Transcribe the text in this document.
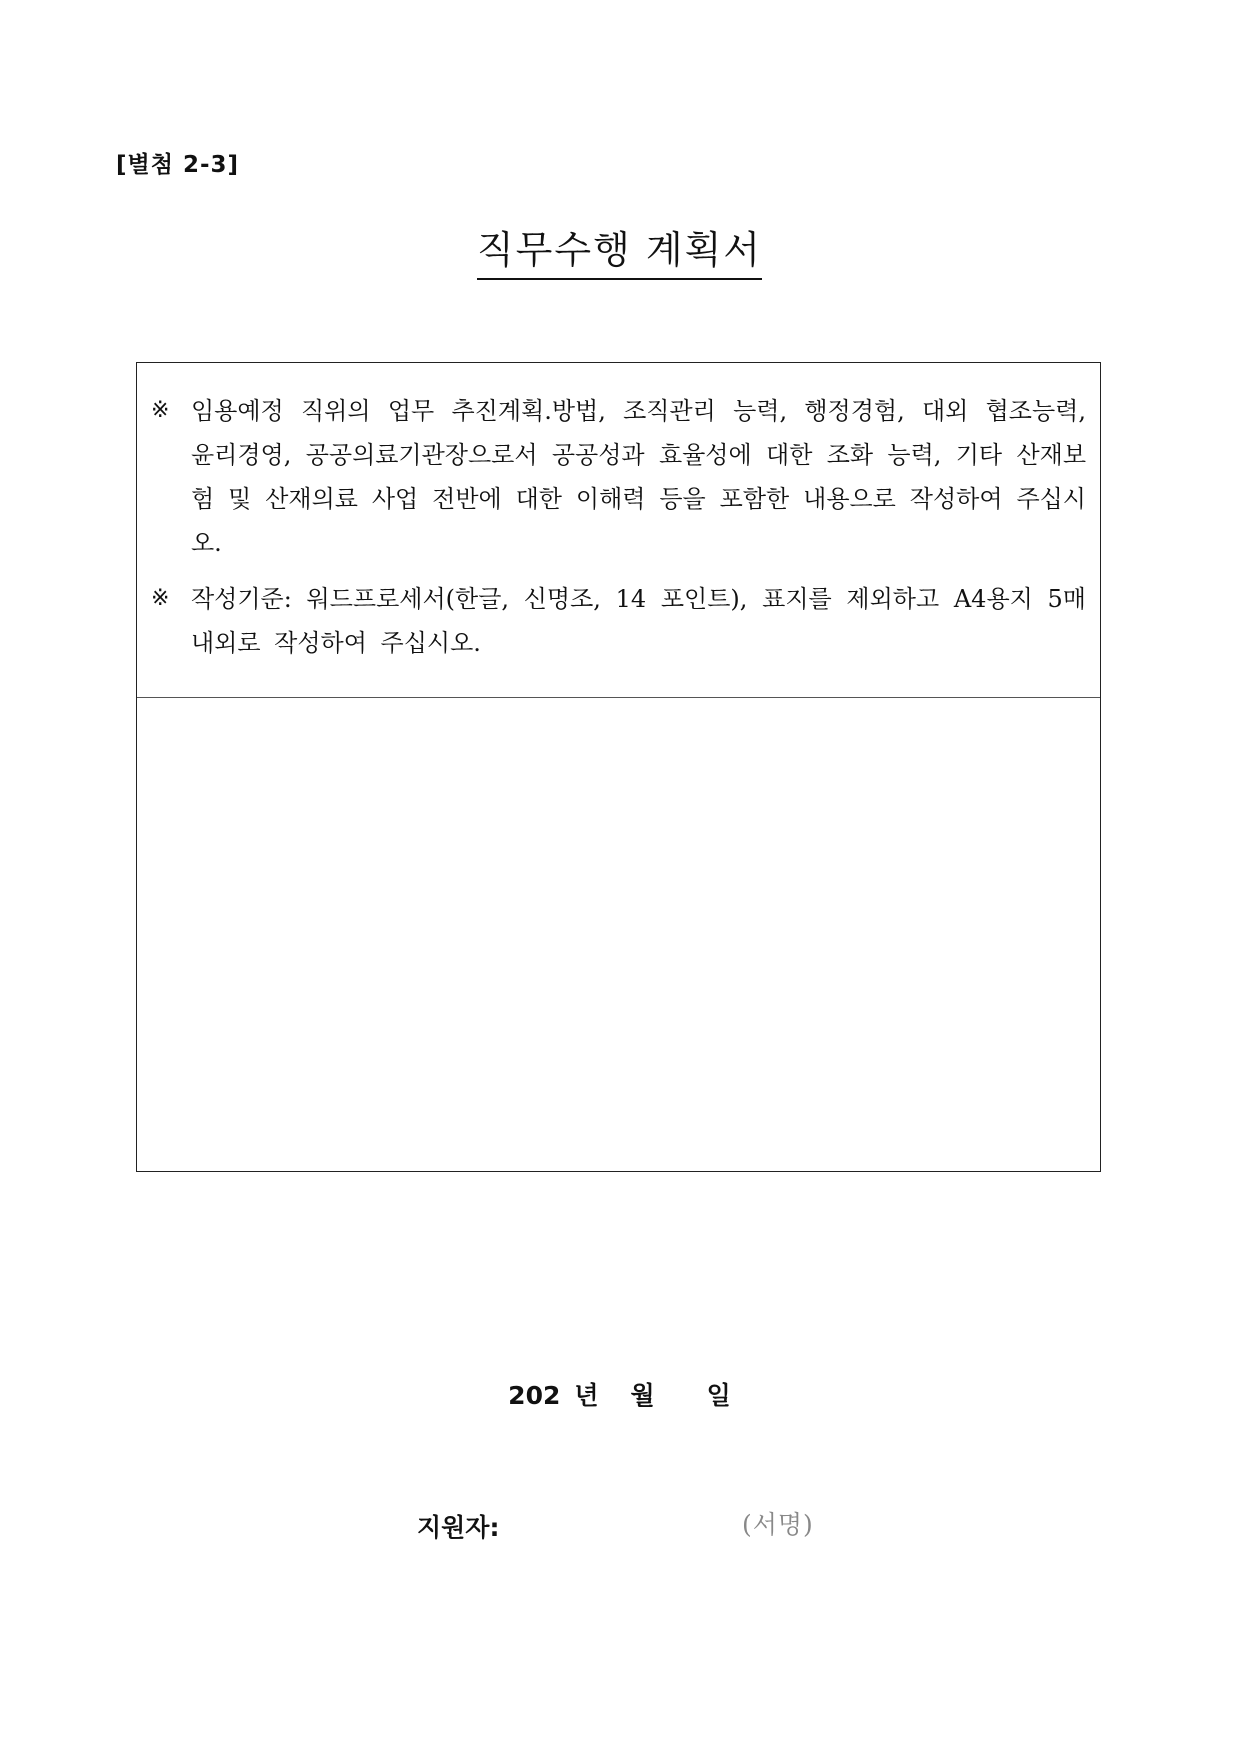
[별첨 2-3]
직무수행 계획서
※ 임용예정 직위의 업무 추진계획.방법, 조직관리 능력, 행정경험, 대외 협조능력, 윤리경영, 공공의료기관장으로서 공공성과 효율성에 대한 조화 능력, 기타 산재보험 및 산재의료 사업 전반에 대한 이해력 등을 포함한 내용으로 작성하여 주십시오.
※ 작성기준: 워드프로세서(한글, 신명조, 14 포인트), 표지를 제외하고 A4용지 5매 내외로 작성하여 주십시오.
202 년 월 일
지원자:	(서명)
